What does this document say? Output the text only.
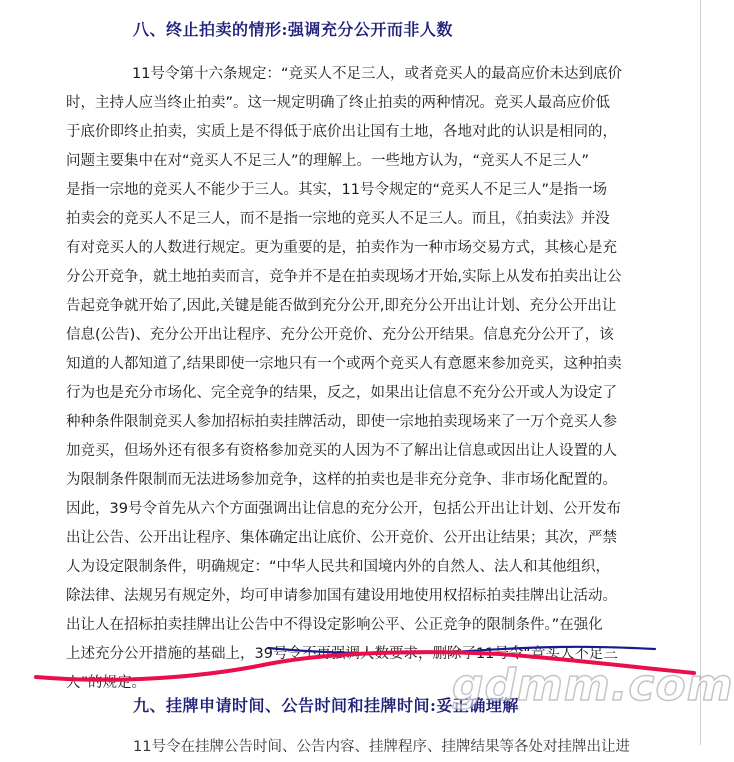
八、终止拍卖的情形:强调充分公开而非人数
11号令第十六条规定：“竞买人不足三人，或者竞买人的最高应价未达到底价
时，主持人应当终止拍卖”。这一规定明确了终止拍卖的两种情况。竞买人最高应价低
于底价即终止拍卖，实质上是不得低于底价出让国有土地，各地对此的认识是相同的，
问题主要集中在对“竞买人不足三人”的理解上。一些地方认为，“竞买人不足三人”
是指一宗地的竞买人不能少于三人。其实，11号令规定的“竞买人不足三人”是指一场
拍卖会的竞买人不足三人，而不是指一宗地的竞买人不足三人。而且，《拍卖法》并没
有对竞买人的人数进行规定。更为重要的是，拍卖作为一种市场交易方式，其核心是充
分公开竞争，就土地拍卖而言，竞争并不是在拍卖现场才开始,实际上从发布拍卖出让公
告起竞争就开始了,因此,关键是能否做到充分公开,即充分公开出让计划、充分公开出让
信息(公告)、充分公开出让程序、充分公开竞价、充分公开结果。信息充分公开了，该
知道的人都知道了,结果即使一宗地只有一个或两个竞买人有意愿来参加竞买，这种拍卖
行为也是充分市场化、完全竞争的结果，反之，如果出让信息不充分公开或人为设定了
种种条件限制竞买人参加招标拍卖挂牌活动，即使一宗地拍卖现场来了一万个竞买人参
加竞买，但场外还有很多有资格参加竞买的人因为不了解出让信息或因出让人设置的人
为限制条件限制而无法进场参加竞争，这样的拍卖也是非充分竞争、非市场化配置的。
因此，39号令首先从六个方面强调出让信息的充分公开，包括公开出让计划、公开发布
出让公告、公开出让程序、集体确定出让底价、公开竞价、公开出让结果；其次，严禁
人为设定限制条件，明确规定：“中华人民共和国境内外的自然人、法人和其他组织，
除法律、法规另有规定外，均可申请参加国有建设用地使用权招标拍卖挂牌出让活动。
出让人在招标拍卖挂牌出让公告中不得设定影响公平、公正竞争的限制条件。”在强化
上述充分公开措施的基础上，39号令不再强调人数要求，删除了11号令“竞买人不足三
人”的规定。
九、挂牌申请时间、公告时间和挂牌时间:妥正确理解
11号令在挂牌公告时间、公告内容、挂牌程序、挂牌结果等各处对挂牌出让进
gdmm.com
